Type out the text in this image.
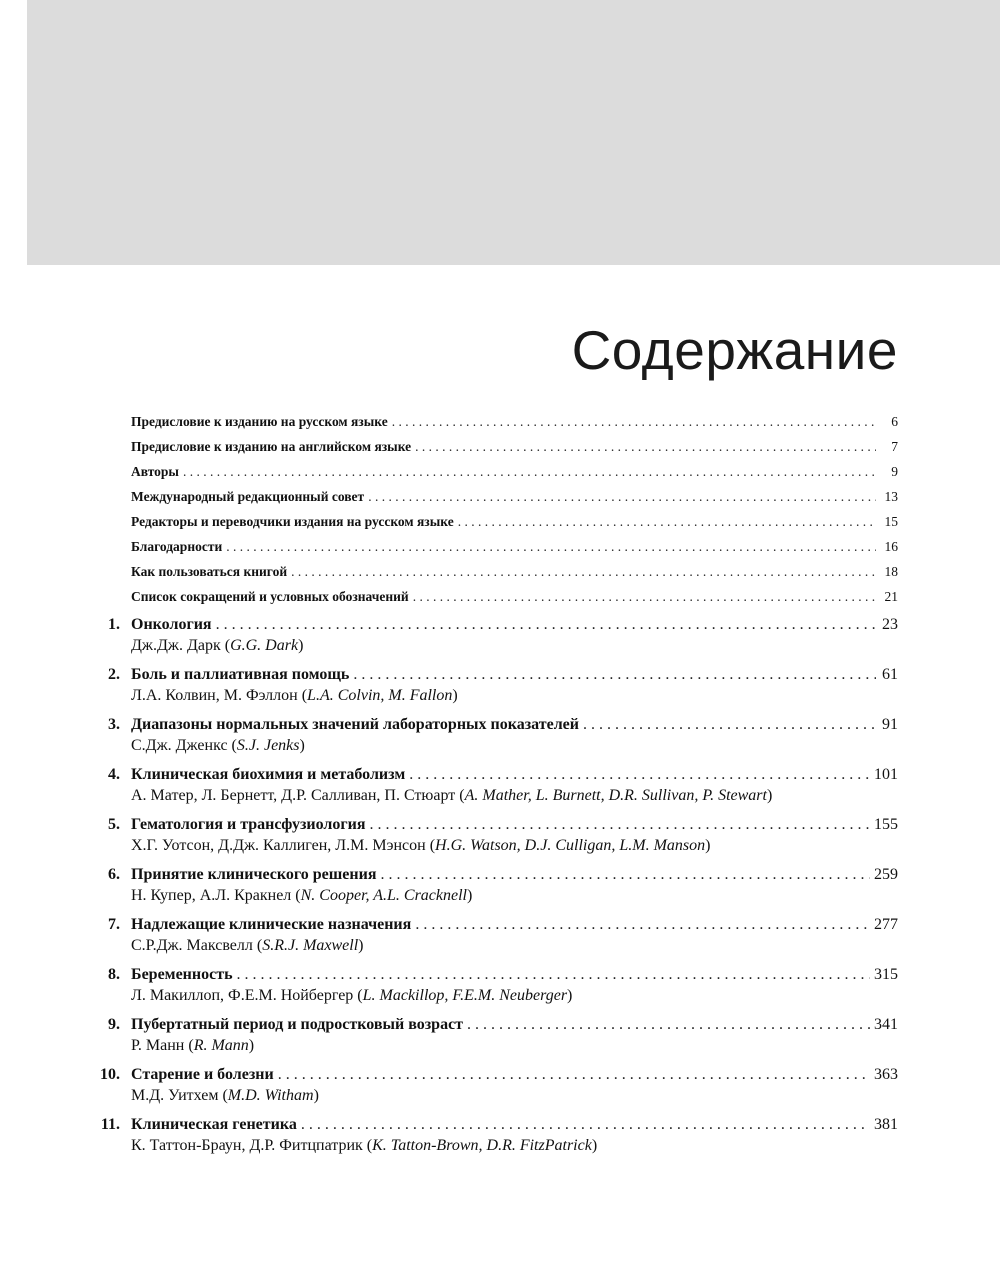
Содержание
Предисловие к изданию на русском языке . . .	6
Предисловие к изданию на английском языке . . .	7
Авторы . . .	9
Международный редакционный совет . . .	13
Редакторы и переводчики издания на русском языке . . .	15
Благодарности . . .	16
Как пользоваться книгой . . .	18
Список сокращений и условных обозначений . . .	21
1. Онкология . . .	23
Дж.Дж. Дарк (G.G. Dark)
2. Боль и паллиативная помощь . . .	61
Л.А. Колвин, М. Фэллон (L.A. Colvin, M. Fallon)
3. Диапазоны нормальных значений лабораторных показателей . . .	91
С.Дж. Дженкс (S.J. Jenks)
4. Клиническая биохимия и метаболизм . . .	101
А. Матер, Л. Бернетт, Д.Р. Салливан, П. Стюарт (A. Mather, L. Burnett, D.R. Sullivan, P. Stewart)
5. Гематология и трансфузиология . . .	155
Х.Г. Уотсон, Д.Дж. Каллиген, Л.М. Мэнсон (H.G. Watson, D.J. Culligan, L.M. Manson)
6. Принятие клинического решения . . .	259
Н. Купер, А.Л. Кракнел (N. Cooper, A.L. Cracknell)
7. Надлежащие клинические назначения . . .	277
С.Р.Дж. Максвелл (S.R.J. Maxwell)
8. Беременность . . .	315
Л. Макиллоп, Ф.Е.М. Нойбергер (L. Mackillop, F.E.M. Neuberger)
9. Пубертатный период и подростковый возраст . . .	341
Р. Манн (R. Mann)
10. Старение и болезни . . .	363
М.Д. Уитхем (M.D. Witham)
11. Клиническая генетика . . .	381
К. Таттон-Браун, Д.Р. Фитцпатрик (K. Tatton-Brown, D.R. FitzPatrick)
